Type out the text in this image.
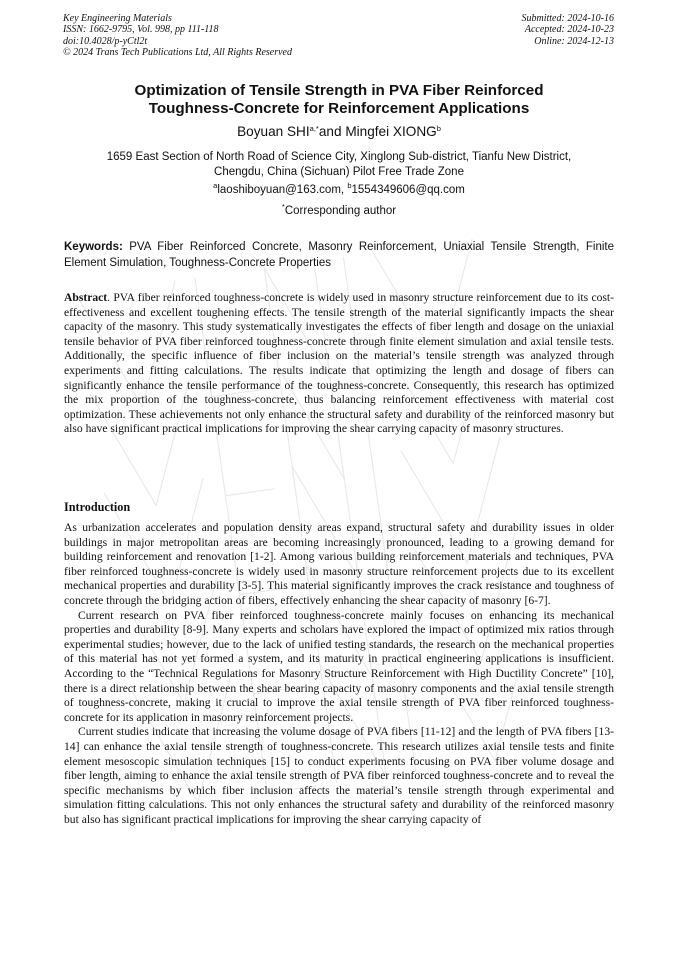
Key Engineering Materials
ISSN: 1662-9795, Vol. 998, pp 111-118
doi:10.4028/p-yCtl2t
© 2024 Trans Tech Publications Ltd, All Rights Reserved
Submitted: 2024-10-16
Accepted: 2024-10-23
Online: 2024-12-13
Optimization of Tensile Strength in PVA Fiber Reinforced
Toughness-Concrete for Reinforcement Applications
Boyuan $SHI^{a,*}and$ Mingfei XIONG$^b$
1659 East Section of North Road of Science City, Xinglong Sub-district, Tianfu New District,
Chengdu, China (Sichuan) Pilot Free Trade Zone
$^a$laoshiboyuan@163.com, $^b$1554349606@qq.com
*Corresponding author
Keywords: PVA Fiber Reinforced Concrete, Masonry Reinforcement, Uniaxial Tensile Strength, Finite Element Simulation, Toughness-Concrete Properties
Abstract. PVA fiber reinforced toughness-concrete is widely used in masonry structure reinforcement due to its cost-effectiveness and excellent toughening effects. The tensile strength of the material significantly impacts the shear capacity of the masonry. This study systematically investigates the effects of fiber length and dosage on the uniaxial tensile behavior of PVA fiber reinforced toughness-concrete through finite element simulation and axial tensile tests. Additionally, the specific influence of fiber inclusion on the material’s tensile strength was analyzed through experiments and fitting calculations. The results indicate that optimizing the length and dosage of fibers can significantly enhance the tensile performance of the toughness-concrete. Consequently, this research has optimized the mix proportion of the toughness-concrete, thus balancing reinforcement effectiveness with material cost optimization. These achievements not only enhance the structural safety and durability of the reinforced masonry but also have significant practical implications for improving the shear carrying capacity of masonry structures.
Introduction

As urbanization accelerates and population density areas expand, structural safety and durability issues in older buildings in major metropolitan areas are becoming increasingly pronounced, leading to a growing demand for building reinforcement and renovation [1-2]. Among various building reinforcement materials and techniques, PVA fiber reinforced toughness-concrete is widely used in masonry structure reinforcement projects due to its excellent mechanical properties and durability [3-5]. This material significantly improves the crack resistance and toughness of concrete through the bridging action of fibers, effectively enhancing the shear capacity of masonry [6-7].

Current research on PVA fiber reinforced toughness-concrete mainly focuses on enhancing its mechanical properties and durability [8-9]. Many experts and scholars have explored the impact of optimized mix ratios through experimental studies; however, due to the lack of unified testing standards, the research on the mechanical properties of this material has not yet formed a system, and its maturity in practical engineering applications is insufficient. According to the “Technical Regulations for Masonry Structure Reinforcement with High Ductility Concrete” [10], there is a direct relationship between the shear bearing capacity of masonry components and the axial tensile strength of toughness-concrete, making it crucial to improve the axial tensile strength of PVA fiber reinforced toughness-concrete for its application in masonry reinforcement projects.

Current studies indicate that increasing the volume dosage of PVA fibers [11-12] and the length of PVA fibers [13-14] can enhance the axial tensile strength of toughness-concrete. This research utilizes axial tensile tests and finite element mesoscopic simulation techniques [15] to conduct experiments focusing on PVA fiber volume dosage and fiber length, aiming to enhance the axial tensile strength of PVA fiber reinforced toughness-concrete and to reveal the specific mechanisms by which fiber inclusion affects the material’s tensile strength through experimental and simulation fitting calculations. This not only enhances the structural safety and durability of the reinforced masonry but also has significant practical implications for improving the shear carrying capacity of
